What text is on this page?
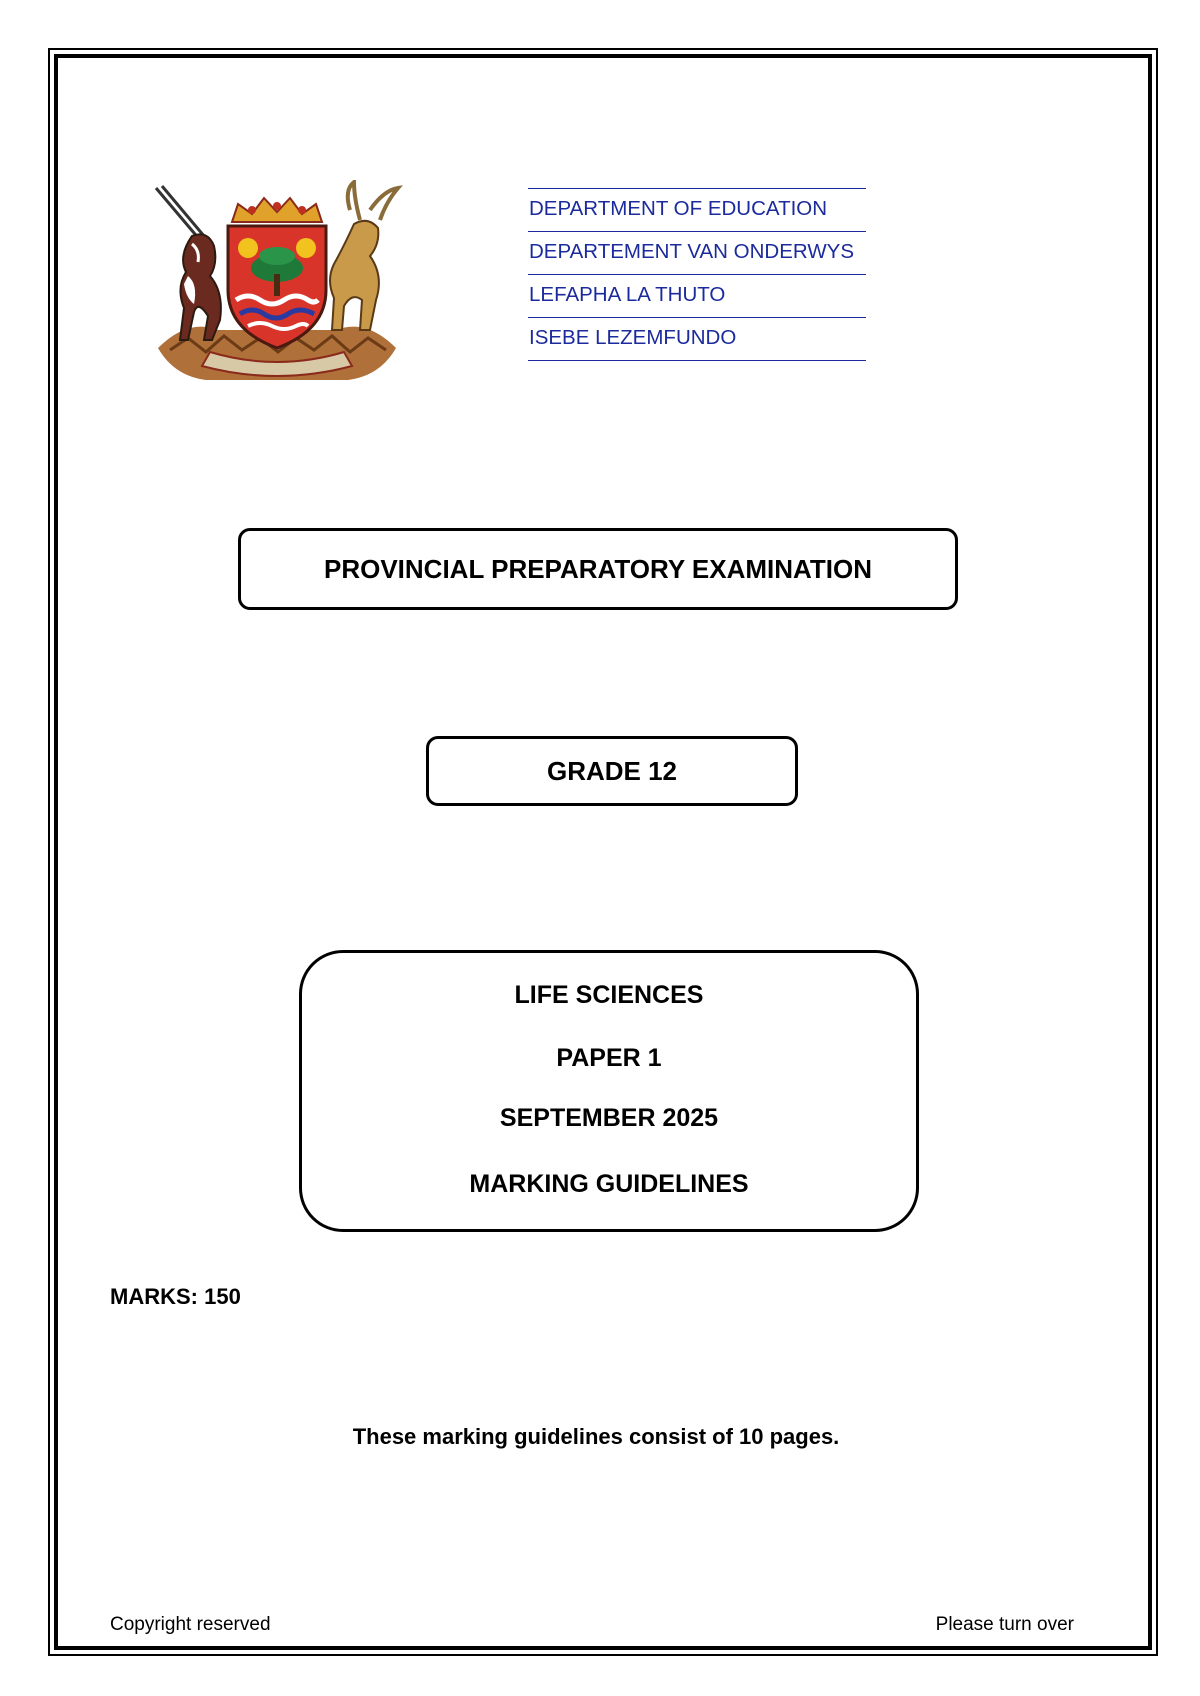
DEPARTMENT OF EDUCATION
DEPARTEMENT VAN ONDERWYS
LEFAPHA LA THUTO
ISEBE LEZEMFUNDO
PROVINCIAL PREPARATORY EXAMINATION
GRADE 12
LIFE SCIENCES
PAPER 1
SEPTEMBER 2025
MARKING GUIDELINES
MARKS: 150
These marking guidelines consist of 10 pages.
Copyright reserved	Please turn over
